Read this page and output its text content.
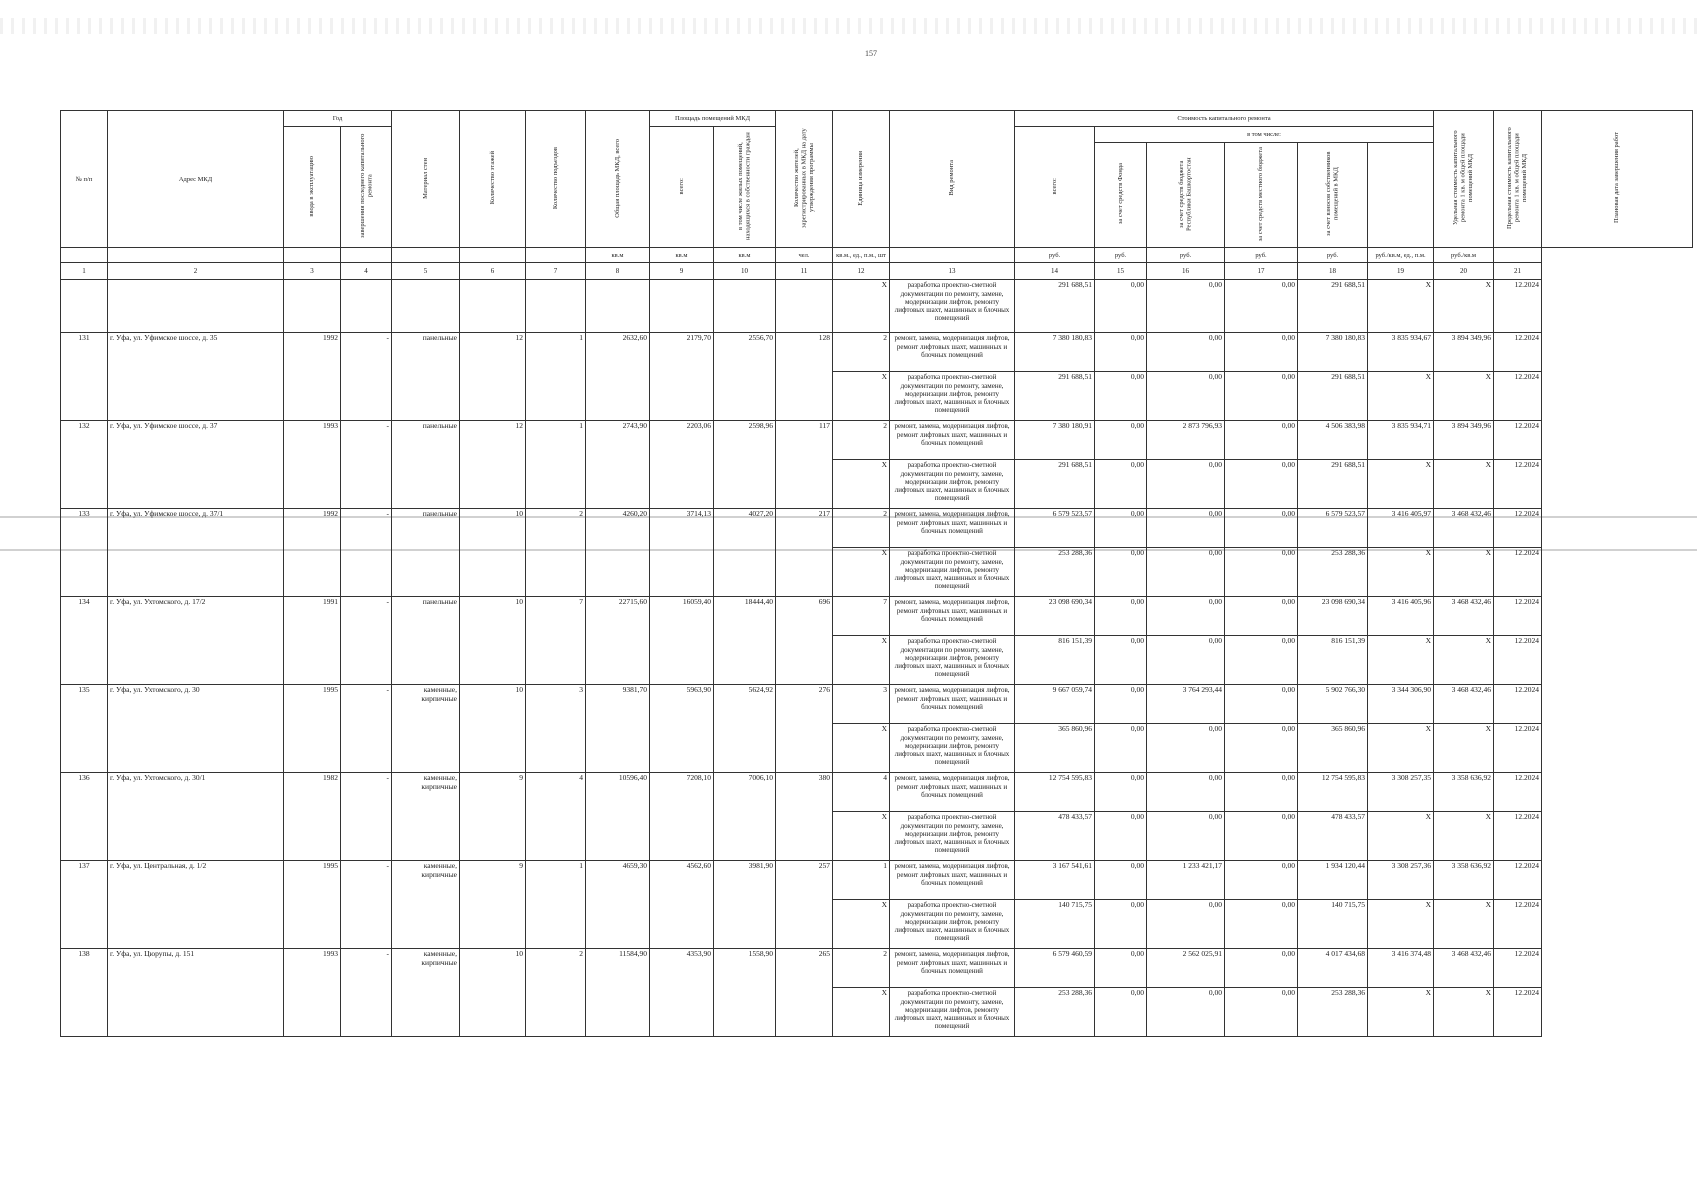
157
№ п/п	Адрес МКД	Год		Материал стен	Количество этажей	Количество подъездов	Общая площадь МКД, всего	Площадь помещений МКД		Количество жителей, зарегистрированных в МКД на дату утверждения программы	Единица измерения	Вид ремонта	Стоимость капитального ремонта						Удельная стоимость капитального ремонта 1 кв. м общей площади помещений МКД	Предельная стоимость капитального ремонта 1 кв. м общей площади помещений МКД	Плановая дата завершения работ
		ввода в эксплуатацию	завершения последнего капитального ремонта					всего:	в том числе жилых помещений, находящихся в собственности граждан				всего:	в том числе:							
														за счет средств Фонда	за счет средств бюджета Республики Башкортостан	за счет средств местного бюджета	за счет взносов собственников помещений в МКД			
							кв.м	кв.м	кв.м	чел.	кв.м., ед., п.м., шт		руб.	руб.	руб.	руб.	руб.	руб./кв.м, ед., п.м.	руб./кв.м		
1	2	3	4	5	6	7	8	9	10	11	12	13	14	15	16	17	18	19	20	21	
											X	разработка проектно-сметной документации по ремонту, замене, модернизации лифтов, ремонту лифтовых шахт, машинных и блочных помещений	291 688,51	0,00	0,00	0,00	291 688,51	X	X	12.2024	
131	г. Уфа, ул. Уфимское шоссе, д. 35	1992	-	панельные	12	1	2632,60	2179,70	2556,70	128	2	ремонт, замена, модернизация лифтов, ремонт лифтовых шахт, машинных и блочных помещений	7 380 180,83	0,00	0,00	0,00	7 380 180,83	3 835 934,67	3 894 349,96	12.2024	
											X	разработка проектно-сметной документации по ремонту, замене, модернизации лифтов, ремонту лифтовых шахт, машинных и блочных помещений	291 688,51	0,00	0,00	0,00	291 688,51	X	X	12.2024	
132	г. Уфа, ул. Уфимское шоссе, д. 37	1993	-	панельные	12	1	2743,90	2203,06	2598,96	117	2	ремонт, замена, модернизация лифтов, ремонт лифтовых шахт, машинных и блочных помещений	7 380 180,91	0,00	2 873 796,93	0,00	4 506 383,98	3 835 934,71	3 894 349,96	12.2024	
											X	разработка проектно-сметной документации по ремонту, замене, модернизации лифтов, ремонту лифтовых шахт, машинных и блочных помещений	291 688,51	0,00	0,00	0,00	291 688,51	X	X	12.2024	
133	г. Уфа, ул. Уфимское шоссе, д. 37/1	1992	-	панельные	10	2	4260,20	3714,13	4027,20	217	2	ремонт, замена, модернизация лифтов, ремонт лифтовых шахт, машинных и блочных помещений	6 579 523,57	0,00	0,00	0,00	6 579 523,57	3 416 405,97	3 468 432,46	12.2024	
											X	разработка проектно-сметной документации по ремонту, замене, модернизации лифтов, ремонту лифтовых шахт, машинных и блочных помещений	253 288,36	0,00	0,00	0,00	253 288,36	X	X	12.2024	
134	г. Уфа, ул. Ухтомского, д. 17/2	1991	-	панельные	10	7	22715,60	16059,40	18444,40	696	7	ремонт, замена, модернизация лифтов, ремонт лифтовых шахт, машинных и блочных помещений	23 098 690,34	0,00	0,00	0,00	23 098 690,34	3 416 405,96	3 468 432,46	12.2024	
											X	разработка проектно-сметной документации по ремонту, замене, модернизации лифтов, ремонту лифтовых шахт, машинных и блочных помещений	816 151,39	0,00	0,00	0,00	816 151,39	X	X	12.2024	
135	г. Уфа, ул. Ухтомского, д. 30	1995	-	каменные, кирпичные	10	3	9381,70	5963,90	5624,92	276	3	ремонт, замена, модернизация лифтов, ремонт лифтовых шахт, машинных и блочных помещений	9 667 059,74	0,00	3 764 293,44	0,00	5 902 766,30	3 344 306,90	3 468 432,46	12.2024	
											X	разработка проектно-сметной документации по ремонту, замене, модернизации лифтов, ремонту лифтовых шахт, машинных и блочных помещений	365 860,96	0,00	0,00	0,00	365 860,96	X	X	12.2024	
136	г. Уфа, ул. Ухтомского, д. 30/1	1982	-	каменные, кирпичные	9	4	10596,40	7208,10	7006,10	380	4	ремонт, замена, модернизация лифтов, ремонт лифтовых шахт, машинных и блочных помещений	12 754 595,83	0,00	0,00	0,00	12 754 595,83	3 308 257,35	3 358 636,92	12.2024	
											X	разработка проектно-сметной документации по ремонту, замене, модернизации лифтов, ремонту лифтовых шахт, машинных и блочных помещений	478 433,57	0,00	0,00	0,00	478 433,57	X	X	12.2024	
137	г. Уфа, ул. Центральная, д. 1/2	1995	-	каменные, кирпичные	9	1	4659,30	4562,60	3981,90	257	1	ремонт, замена, модернизация лифтов, ремонт лифтовых шахт, машинных и блочных помещений	3 167 541,61	0,00	1 233 421,17	0,00	1 934 120,44	3 308 257,36	3 358 636,92	12.2024	
											X	разработка проектно-сметной документации по ремонту, замене, модернизации лифтов, ремонту лифтовых шахт, машинных и блочных помещений	140 715,75	0,00	0,00	0,00	140 715,75	X	X	12.2024	
138	г. Уфа, ул. Цюрупы, д. 151	1993	-	каменные, кирпичные	10	2	11584,90	4353,90	1558,90	265	2	ремонт, замена, модернизация лифтов, ремонт лифтовых шахт, машинных и блочных помещений	6 579 460,59	0,00	2 562 025,91	0,00	4 017 434,68	3 416 374,48	3 468 432,46	12.2024	
											X	разработка проектно-сметной документации по ремонту, замене, модернизации лифтов, ремонту лифтовых шахт, машинных и блочных помещений	253 288,36	0,00	0,00	0,00	253 288,36	X	X	12.2024	
